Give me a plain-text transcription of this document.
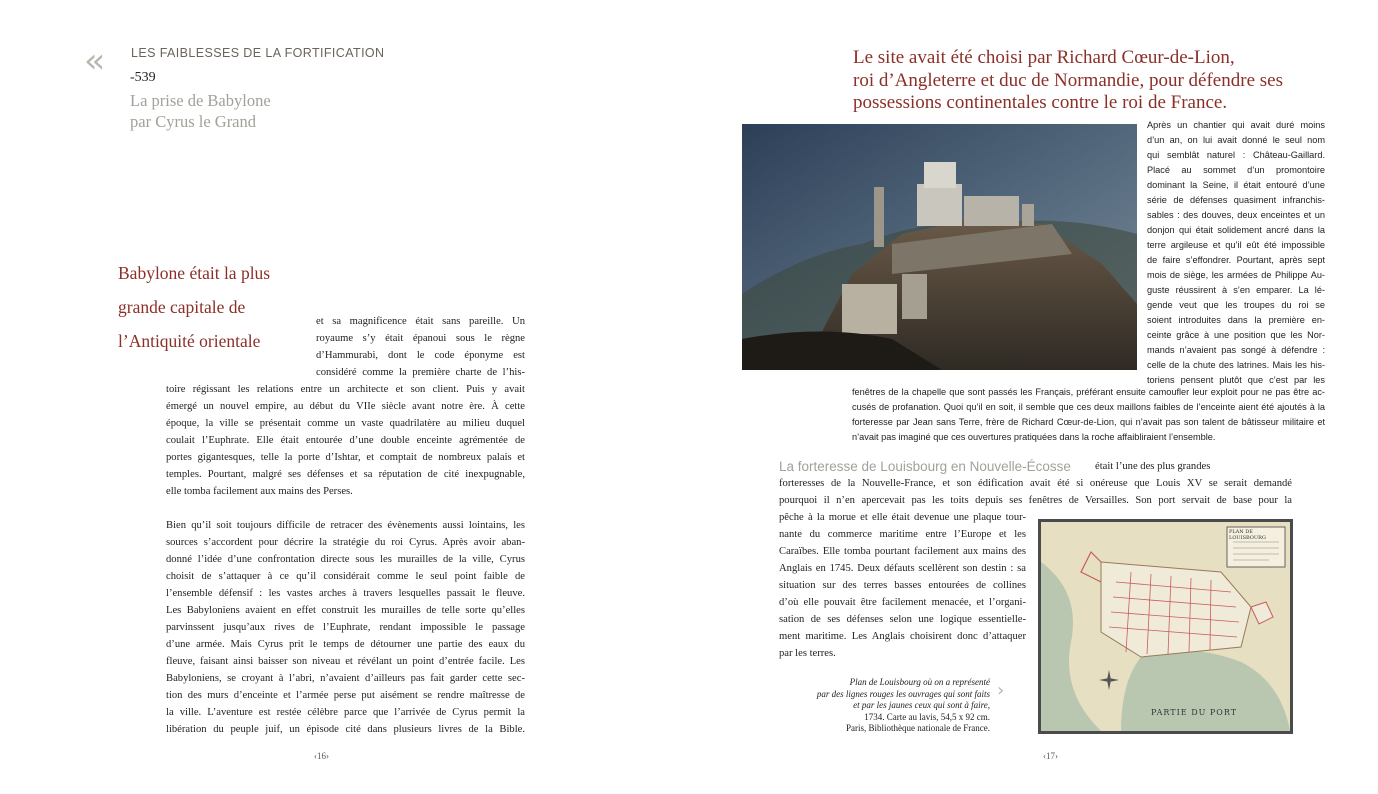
‹‹	LES FAIBLESSES DE LA FORTIFICATION
-539
La prise de Babylone
par Cyrus le Grand
Babylone était la plus
grande capitale de
l’Antiquité orientale
et sa magnificence était sans pareille. Un
royaume s’y était épanoui sous le règne
d’Hammurabi, dont le code éponyme est
considéré comme la première charte de l’his-
toire régissant les relations entre un architecte et son client. Puis y avait
émergé un nouvel empire, au début du VIIe siècle avant notre ère. À cette
époque, la ville se présentait comme un vaste quadrilatère au milieu duquel
coulait l’Euphrate. Elle était entourée d’une double enceinte agrémentée de
portes gigantesques, telle la porte d’Ishtar, et comptait de nombreux palais et
temples. Pourtant, malgré ses défenses et sa réputation de cité inexpugnable,
elle tomba facilement aux mains des Perses.
Bien qu’il soit toujours difficile de retracer des évènements aussi lointains, les
sources s’accordent pour décrire la stratégie du roi Cyrus. Après avoir aban-
donné l’idée d’une confrontation directe sous les murailles de la ville, Cyrus
choisit de s’attaquer à ce qu’il considérait comme le seul point faible de
l’ensemble défensif : les vastes arches à travers lesquelles passait le fleuve.
Les Babyloniens avaient en effet construit les murailles de telle sorte qu’elles
parvinssent jusqu’aux rives de l’Euphrate, rendant impossible le passage
d’une armée. Mais Cyrus prit le temps de détourner une partie des eaux du
fleuve, faisant ainsi baisser son niveau et révélant un point d’entrée facile. Les
Babyloniens, se croyant à l’abri, n’avaient d’ailleurs pas fait garder cette sec-
tion des murs d’enceinte et l’armée perse put aisément se rendre maîtresse de
la ville. L’aventure est restée célèbre parce que l’arrivée de Cyrus permit la
libération du peuple juif, un épisode cité dans plusieurs livres de la Bible.
‹16›
Le site avait été choisi par Richard Cœur-de-Lion,
roi d’Angleterre et duc de Normandie, pour défendre ses
possessions continentales contre le roi de France.
Après un chantier qui avait duré moins
d’un an, on lui avait donné le seul nom
qui semblât naturel : Château-Gaillard.
Placé au sommet d’un promontoire
dominant la Seine, il était entouré d’une
série de défenses quasiment infranchis-
sables : des douves, deux enceintes et un
donjon qui était solidement ancré dans la
terre argileuse et qu’il eût été impossible
de faire s’effondrer. Pourtant, après sept
mois de siège, les armées de Philippe Au-
guste réussirent à s’en emparer. La lé-
gende veut que les troupes du roi se
soient introduites dans la première en-
ceinte grâce à une position que les Nor-
mands n’avaient pas songé à défendre :
celle de la chute des latrines. Mais les his-
toriens pensent plutôt que c’est par les
fenêtres de la chapelle que sont passés les Français, préférant ensuite camoufler leur exploit pour ne pas être ac-
cusés de profanation. Quoi qu’il en soit, il semble que ces deux maillons faibles de l’enceinte aient été ajoutés à la
forteresse par Jean sans Terre, frère de Richard Cœur-de-Lion, qui n’avait pas son talent de bâtisseur militaire et
n’avait pas imaginé que ces ouvertures pratiquées dans la roche affaibliraient l’ensemble.
La forteresse de Louisbourg en Nouvelle-Écosse était l’une des plus grandes
forteresses de la Nouvelle-France, et son édification avait été si onéreuse que Louis XV se serait demandé
pourquoi il n’en apercevait pas les toits depuis ses fenêtres de Versailles. Son port servait de base pour la
pêche à la morue et elle était devenue une plaque tour-
nante du commerce maritime entre l’Europe et les
Caraïbes. Elle tomba pourtant facilement aux mains des
Anglais en 1745. Deux défauts scellèrent son destin : sa
situation sur des terres basses entourées de collines
d’où elle pouvait être facilement menacée, et l’organi-
sation de ses défenses selon une logique essentielle-
ment maritime. Les Anglais choisirent donc d’attaquer
par les terres.
Plan de Louisbourg où on a représenté
par des lignes rouges les ouvrages qui sont faits
et par les jaunes ceux qui sont à faire,
1734. Carte au lavis, 54,5 x 92 cm.
Paris, Bibliothèque nationale de France.
›
PLAN DE LOUISBOURG
PARTIE DU PORT
‹17›
